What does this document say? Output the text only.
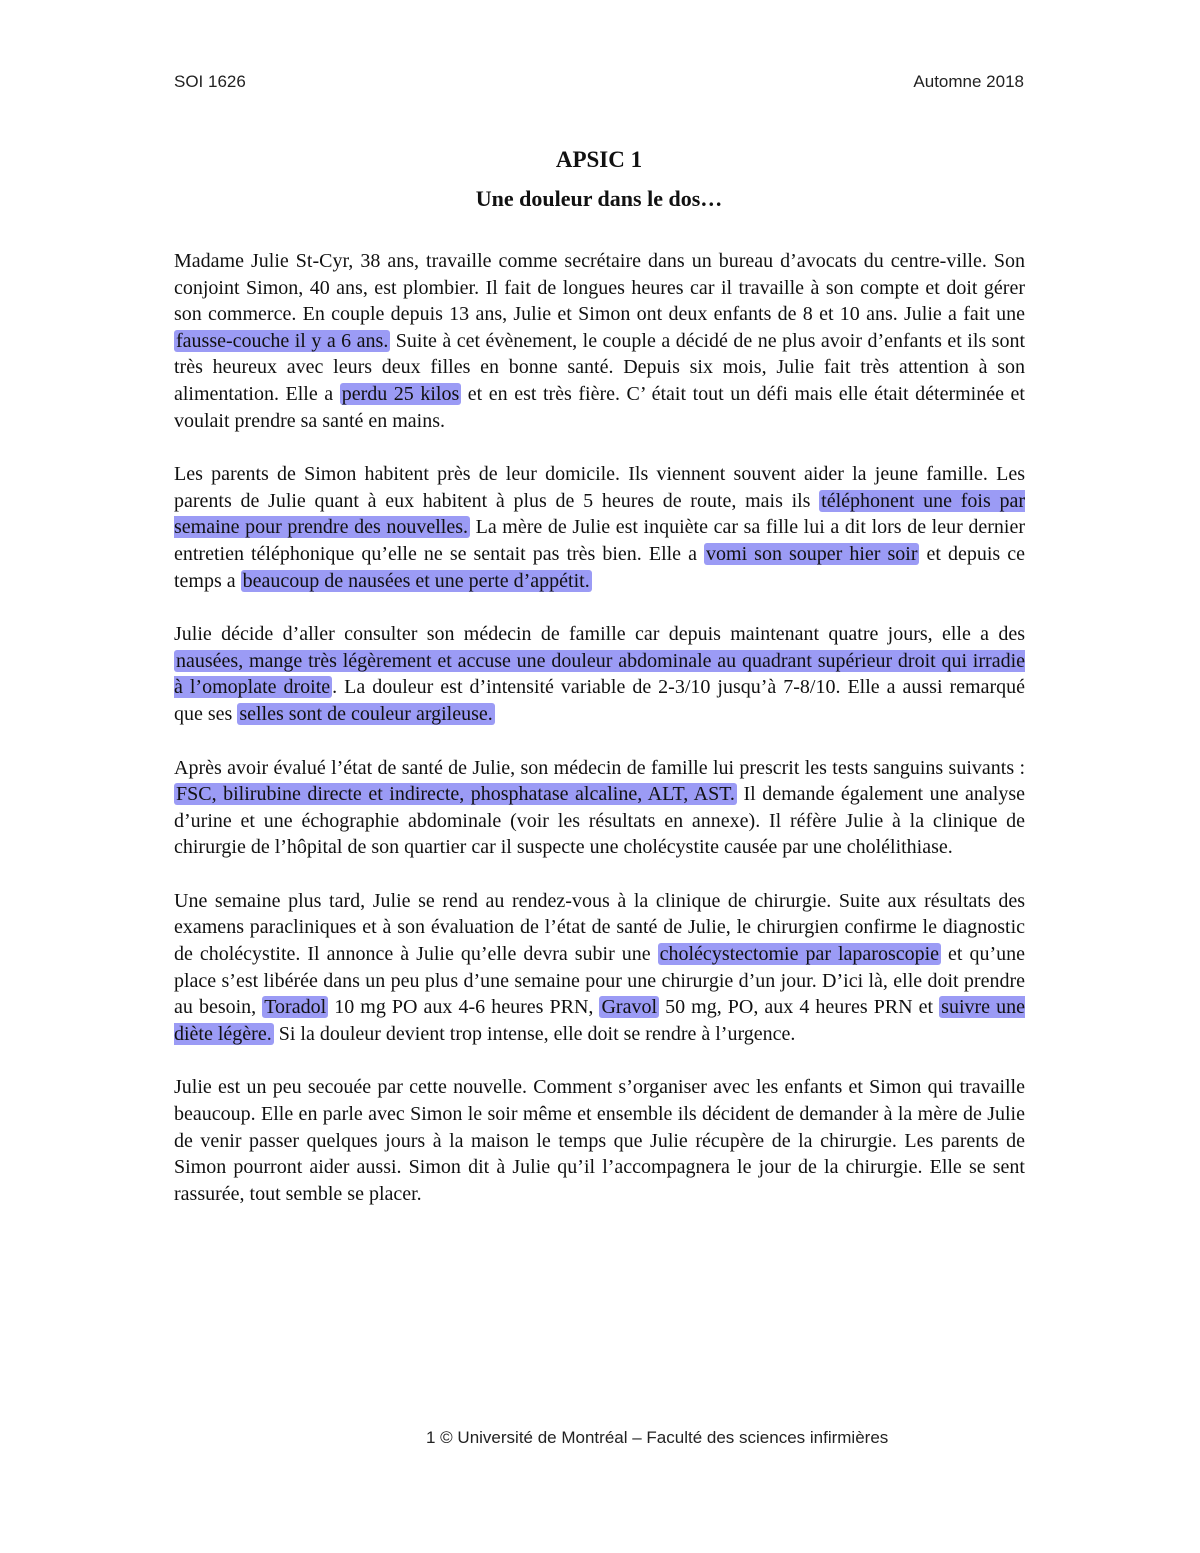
SOI 1626	Automne 2018
APSIC 1
Une douleur dans le dos…

Madame Julie St-Cyr, 38 ans, travaille comme secrétaire dans un bureau d’avocats du centre-ville. Son conjoint Simon, 40 ans, est plombier. Il fait de longues heures car il travaille à son compte et doit gérer son commerce. En couple depuis 13 ans, Julie et Simon ont deux enfants de 8 et 10 ans. Julie a fait une fausse-couche il y a 6 ans. Suite à cet évènement, le couple a décidé de ne plus avoir d’enfants et ils sont très heureux avec leurs deux filles en bonne santé. Depuis six mois, Julie fait très attention à son alimentation. Elle a perdu 25 kilos et en est très fière. C’ était tout un défi mais elle était déterminée et voulait prendre sa santé en mains.

Les parents de Simon habitent près de leur domicile. Ils viennent souvent aider la jeune famille. Les parents de Julie quant à eux habitent à plus de 5 heures de route, mais ils téléphonent une fois par semaine pour prendre des nouvelles. La mère de Julie est inquiète car sa fille lui a dit lors de leur dernier entretien téléphonique qu’elle ne se sentait pas très bien. Elle a vomi son souper hier soir et depuis ce temps a beaucoup de nausées et une perte d’appétit.

Julie décide d’aller consulter son médecin de famille car depuis maintenant quatre jours, elle a des nausées, mange très légèrement et accuse une douleur abdominale au quadrant supérieur droit qui irradie à l’omoplate droite . La douleur est d’intensité variable de 2-3/10 jusqu’à 7-8/10. Elle a aussi remarqué que ses selles sont de couleur argileuse.

Après avoir évalué l’état de santé de Julie, son médecin de famille lui prescrit les tests sanguins suivants : FSC, bilirubine directe et indirecte, phosphatase alcaline, ALT, AST. Il demande également une analyse d’urine et une échographie abdominale (voir les résultats en annexe). Il réfère Julie à la clinique de chirurgie de l’hôpital de son quartier car il suspecte une cholécystite causée par une cholélithiase.

Une semaine plus tard, Julie se rend au rendez-vous à la clinique de chirurgie. Suite aux résultats des examens paracliniques et à son évaluation de l’état de santé de Julie, le chirurgien confirme le diagnostic de cholécystite. Il annonce à Julie qu’elle devra subir une cholécystectomie par laparoscopie et qu’une place s’est libérée dans un peu plus d’une semaine pour une chirurgie d’un jour. D’ici là, elle doit prendre au besoin, Toradol 10 mg PO aux 4-6 heures PRN, Gravol 50 mg, PO, aux 4 heures PRN et suivre une diète légère. Si la douleur devient trop intense, elle doit se rendre à l’urgence.

Julie est un peu secouée par cette nouvelle. Comment s’organiser avec les enfants et Simon qui travaille beaucoup. Elle en parle avec Simon le soir même et ensemble ils décident de demander à la mère de Julie de venir passer quelques jours à la maison le temps que Julie récupère de la chirurgie. Les parents de Simon pourront aider aussi. Simon dit à Julie qu’il l’accompagnera le jour de la chirurgie. Elle se sent rassurée, tout semble se placer.

1 © Université de Montréal – Faculté des sciences infirmières
